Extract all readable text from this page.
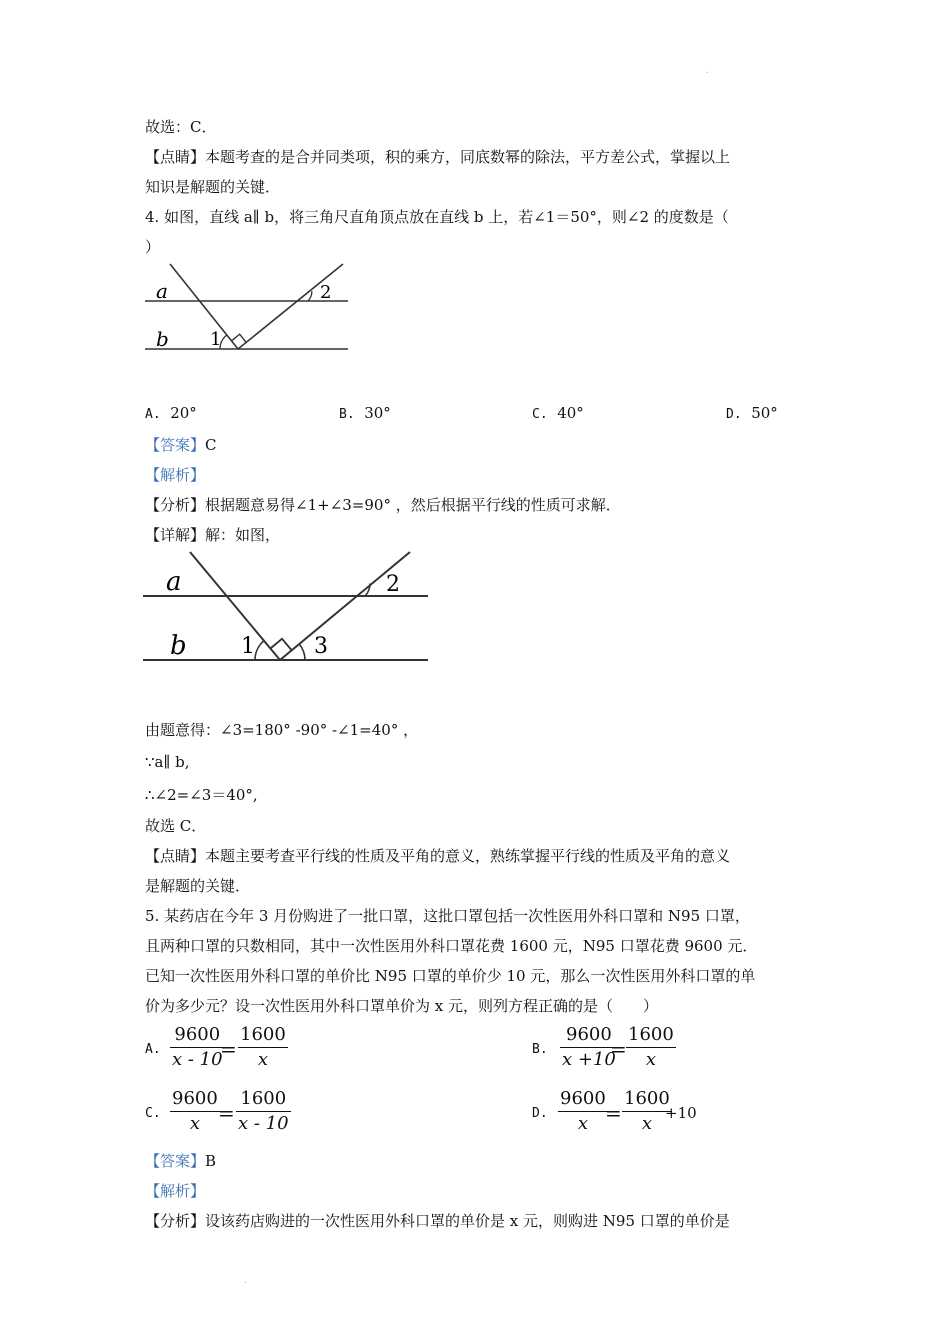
.
故选：C．
【点睛】本题考查的是合并同类项，积的乘方，同底数幂的除法，平方差公式，掌握以上
知识是解题的关键．
4. 如图，直线 a∥ b，将三角尺直角顶点放在直线 b 上，若∠1＝50°，则∠2 的度数是（
）
a
b 1
2
A. 20°	B. 30°	C. 40°	D. 50°
【答案】C
【解析】
【分析】根据题意易得∠1+∠3=90° ，然后根据平行线的性质可求解．
【详解】解：如图，
a
b 1	3
2
由题意得：∠3=180° -90° -∠1=40° ，
∵a∥ b,
∴∠2=∠3＝40°,
故选 C．
【点睛】本题主要考查平行线的性质及平角的意义，熟练掌握平行线的性质及平角的意义
是解题的关键．
5. 某药店在今年 3 月份购进了一批口罩，这批口罩包括一次性医用外科口罩和 N95 口罩，
且两种口罩的只数相同，其中一次性医用外科口罩花费 1600 元，N95 口罩花费 9600 元．
已知一次性医用外科口罩的单价比 N95 口罩的单价少 10 元，那么一次性医用外科口罩的单
价为多少元？设一次性医用外科口罩单价为 x 元，则列方程正确的是（　　）
A.
9600
x - 10
=
1600
x	B.
9600
x +10
=
1600
x
C.
9600
x =
1600
x - 10	D.
9600
x =
1600
x +10
【答案】B
【解析】
【分析】设该药店购进的一次性医用外科口罩的单价是 x 元，则购进 N95 口罩的单价是
.
